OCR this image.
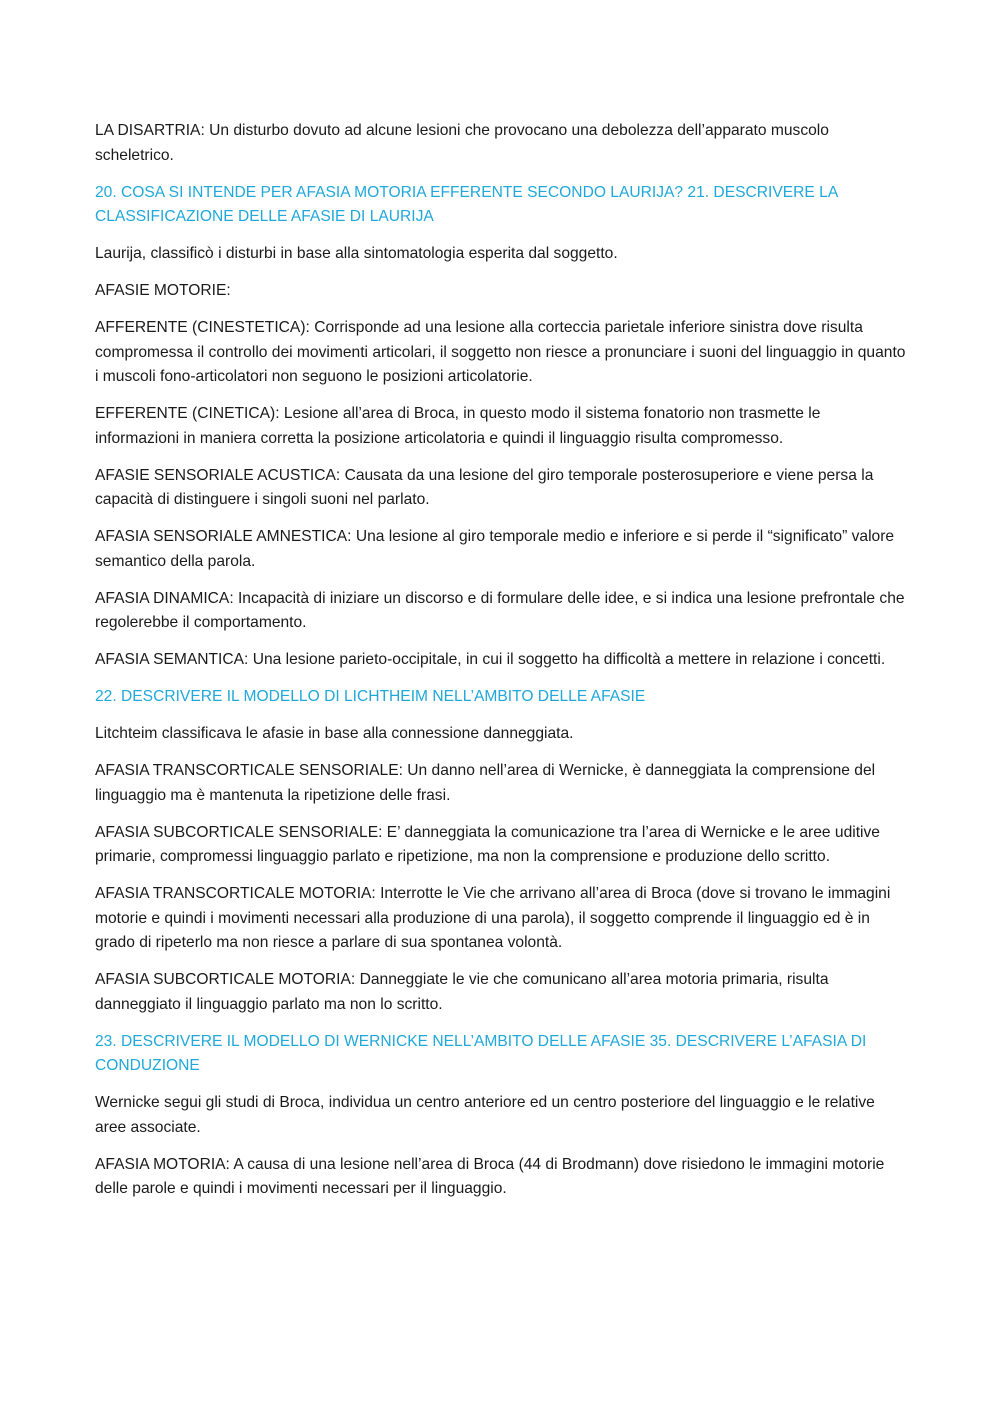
LA DISARTRIA: Un disturbo dovuto ad alcune lesioni che provocano una debolezza dell’apparato muscolo scheletrico.

20. COSA SI INTENDE PER AFASIA MOTORIA EFFERENTE SECONDO LAURIJA? 21. DESCRIVERE LA CLASSIFICAZIONE DELLE AFASIE DI LAURIJA

Laurija, classificò i disturbi in base alla sintomatologia esperita dal soggetto.

AFASIE MOTORIE:

AFFERENTE (CINESTETICA): Corrisponde ad una lesione alla corteccia parietale inferiore sinistra dove risulta compromessa il controllo dei movimenti articolari, il soggetto non riesce a pronunciare i suoni del linguaggio in quanto i muscoli fono-articolatori non seguono le posizioni articolatorie.

EFFERENTE (CINETICA): Lesione all’area di Broca, in questo modo il sistema fonatorio non trasmette le informazioni in maniera corretta la posizione articolatoria e quindi il linguaggio risulta compromesso.

AFASIE SENSORIALE ACUSTICA: Causata da una lesione del giro temporale posterosuperiore e viene persa la capacità di distinguere i singoli suoni nel parlato.

AFASIA SENSORIALE AMNESTICA: Una lesione al giro temporale medio e inferiore e si perde il “significato” valore semantico della parola.

AFASIA DINAMICA: Incapacità di iniziare un discorso e di formulare delle idee, e si indica una lesione prefrontale che regolerebbe il comportamento.

AFASIA SEMANTICA: Una lesione parieto-occipitale, in cui il soggetto ha difficoltà a mettere in relazione i concetti.

22. DESCRIVERE IL MODELLO DI LICHTHEIM NELL’AMBITO DELLE AFASIE

Litchteim classificava le afasie in base alla connessione danneggiata.

AFASIA TRANSCORTICALE SENSORIALE: Un danno nell’area di Wernicke, è danneggiata la comprensione del linguaggio ma è mantenuta la ripetizione delle frasi.

AFASIA SUBCORTICALE SENSORIALE: E’ danneggiata la comunicazione tra l’area di Wernicke e le aree uditive primarie, compromessi linguaggio parlato e ripetizione, ma non la comprensione e produzione dello scritto.

AFASIA TRANSCORTICALE MOTORIA: Interrotte le Vie che arrivano all’area di Broca (dove si trovano le immagini motorie e quindi i movimenti necessari alla produzione di una parola), il soggetto comprende il linguaggio ed è in grado di ripeterlo ma non riesce a parlare di sua spontanea volontà.

AFASIA SUBCORTICALE MOTORIA: Danneggiate le vie che comunicano all’area motoria primaria, risulta danneggiato il linguaggio parlato ma non lo scritto.

23. DESCRIVERE IL MODELLO DI WERNICKE NELL’AMBITO DELLE AFASIE 35. DESCRIVERE L’AFASIA DI CONDUZIONE

Wernicke segui gli studi di Broca, individua un centro anteriore ed un centro posteriore del linguaggio e le relative aree associate.

AFASIA MOTORIA: A causa di una lesione nell’area di Broca (44 di Brodmann) dove risiedono le immagini motorie delle parole e quindi i movimenti necessari per il linguaggio.
